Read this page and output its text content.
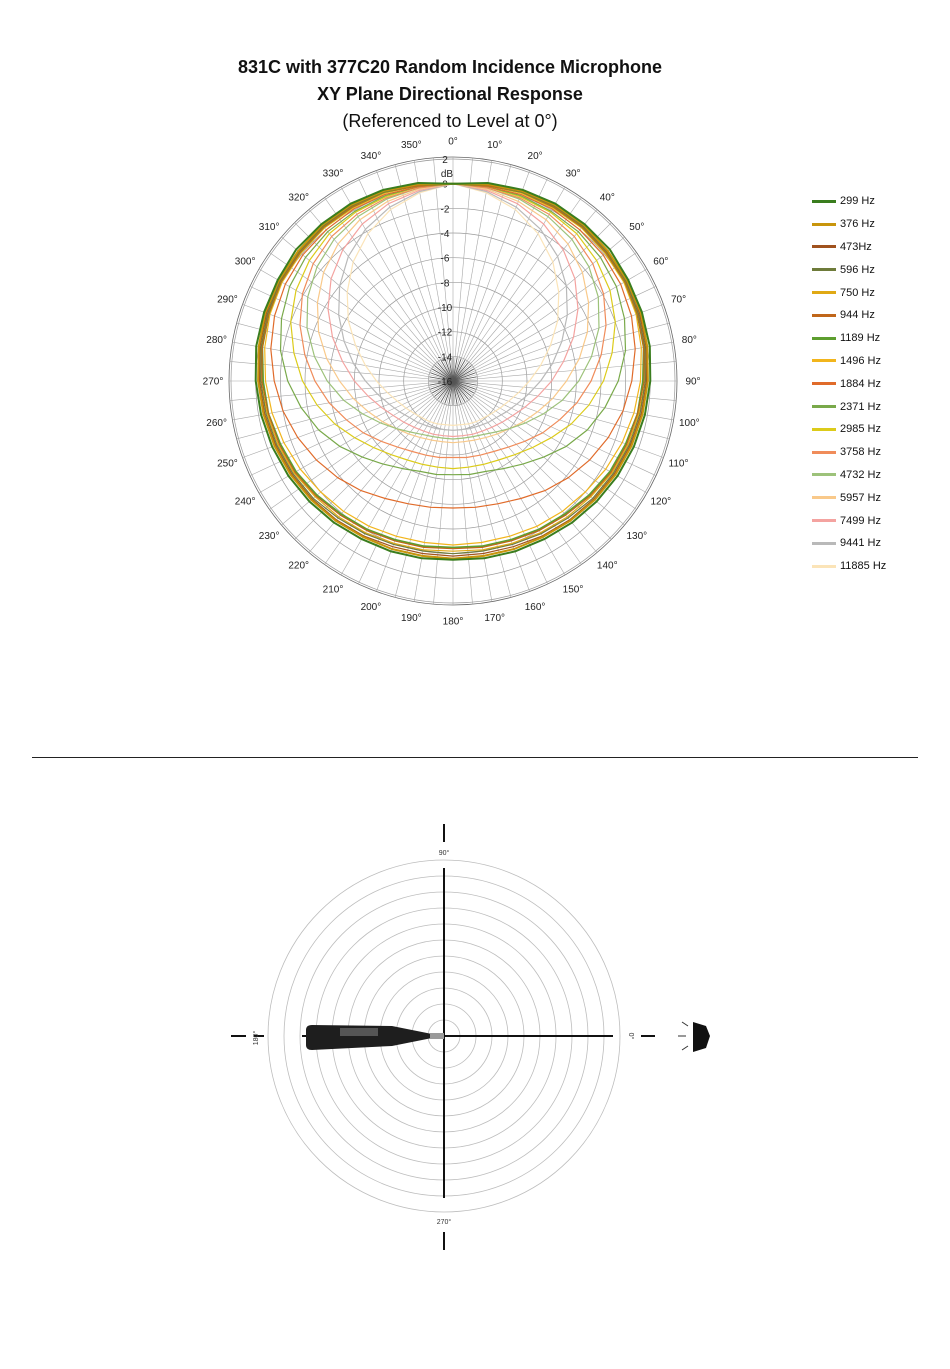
831C with 377C20 Random Incidence Microphone
XY Plane Directional Response
(Referenced to Level at 0°)
0°	10°
20°
30°
40°
50°
60°
70°
80°
90°
100°
110°
120°
130°
140°
150°
160°
170°
180°
190°
200°
210°
220°
230°
240°
250°
260°
270°
280°
290°
300°
310°
320°
330°
340°
350°
dB
2
0
-2
-4
-6
-8
-10
-12
-14
-16
299 Hz
376 Hz
473Hz
596 Hz
750 Hz
944 Hz
1189 Hz
1496 Hz
1884 Hz
2371 Hz
2985 Hz
3758 Hz
4732 Hz
5957 Hz
7499 Hz
9441 Hz
11885 Hz
90°
270°
0°
180°
